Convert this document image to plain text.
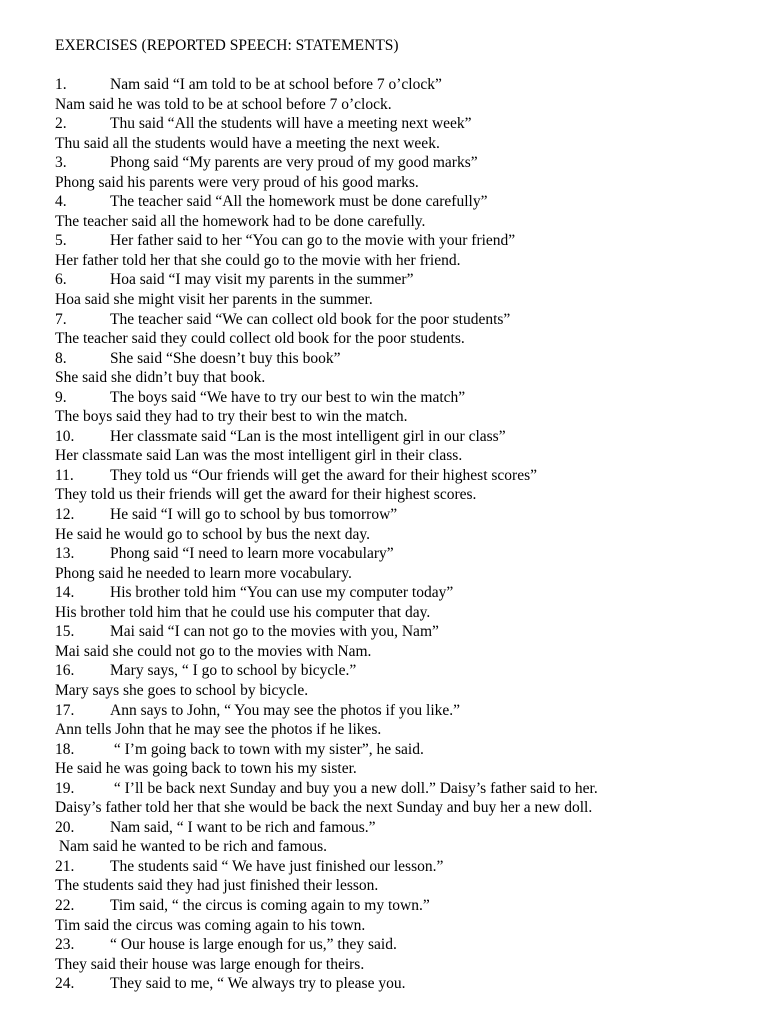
EXERCISES (REPORTED SPEECH: STATEMENTS)
1.	Nam said “I am told to be at school before 7 o’clock”
Nam said he was told to be at school before 7 o’clock.
2.	Thu said “All the students will have a meeting next week”
Thu said all the students would have a meeting the next week.
3.	Phong said “My parents are very proud of my good marks”
Phong said his parents were very proud of his good marks.
4.	The teacher said “All the homework must be done carefully”
The teacher said all the homework had to be done carefully.
5.	Her father said to her “You can go to the movie with your friend”
Her father told her that she could go to the movie with her friend.
6.	Hoa said “I may visit my parents in the summer”
Hoa said she might visit her parents in the summer.
7.	The teacher said “We can collect old book for the poor students”
The teacher said they could collect old book for the poor students.
8.	She said “She doesn’t buy this book”
She said she didn’t buy that book.
9.	The boys said “We have to try our best to win the match”
The boys said they had to try their best to win the match.
10. Her classmate said “Lan is the most intelligent girl in our class”
Her classmate said Lan was the most intelligent girl in their class.
11. They told us “Our friends will get the award for their highest scores”
They told us their friends will get the award for their highest scores.
12. He said “I will go to school by bus tomorrow”
He said he would go to school by bus the next day.
13. Phong said “I need to learn more vocabulary”
Phong said he needed to learn more vocabulary.
14. His brother told him “You can use my computer today”
His brother told him that he could use his computer that day.
15. Mai said “I can not go to the movies with you, Nam”
Mai said she could not go to the movies with Nam.
16. Mary says, “ I go to school by bicycle.”
Mary says she goes to school by bicycle.
17. Ann says to John, “ You may see the photos if you like.”
Ann tells John that he may see the photos if he likes.
18. “ I’m going back to town with my sister”, he said.
He said he was going back to town his my sister.
19. “ I’ll be back next Sunday and buy you a new doll.” Daisy’s father said to her.
Daisy’s father told her that she would be back the next Sunday and buy her a new doll.
20. Nam said, “ I want to be rich and famous.”
Nam said he wanted to be rich and famous.
21. The students said “ We have just finished our lesson.”
The students said they had just finished their lesson.
22. Tim said, “ the circus is coming again to my town.”
Tim said the circus was coming again to his town.
23. “ Our house is large enough for us,” they said.
They said their house was large enough for theirs.
24. They said to me, “ We always try to please you.
